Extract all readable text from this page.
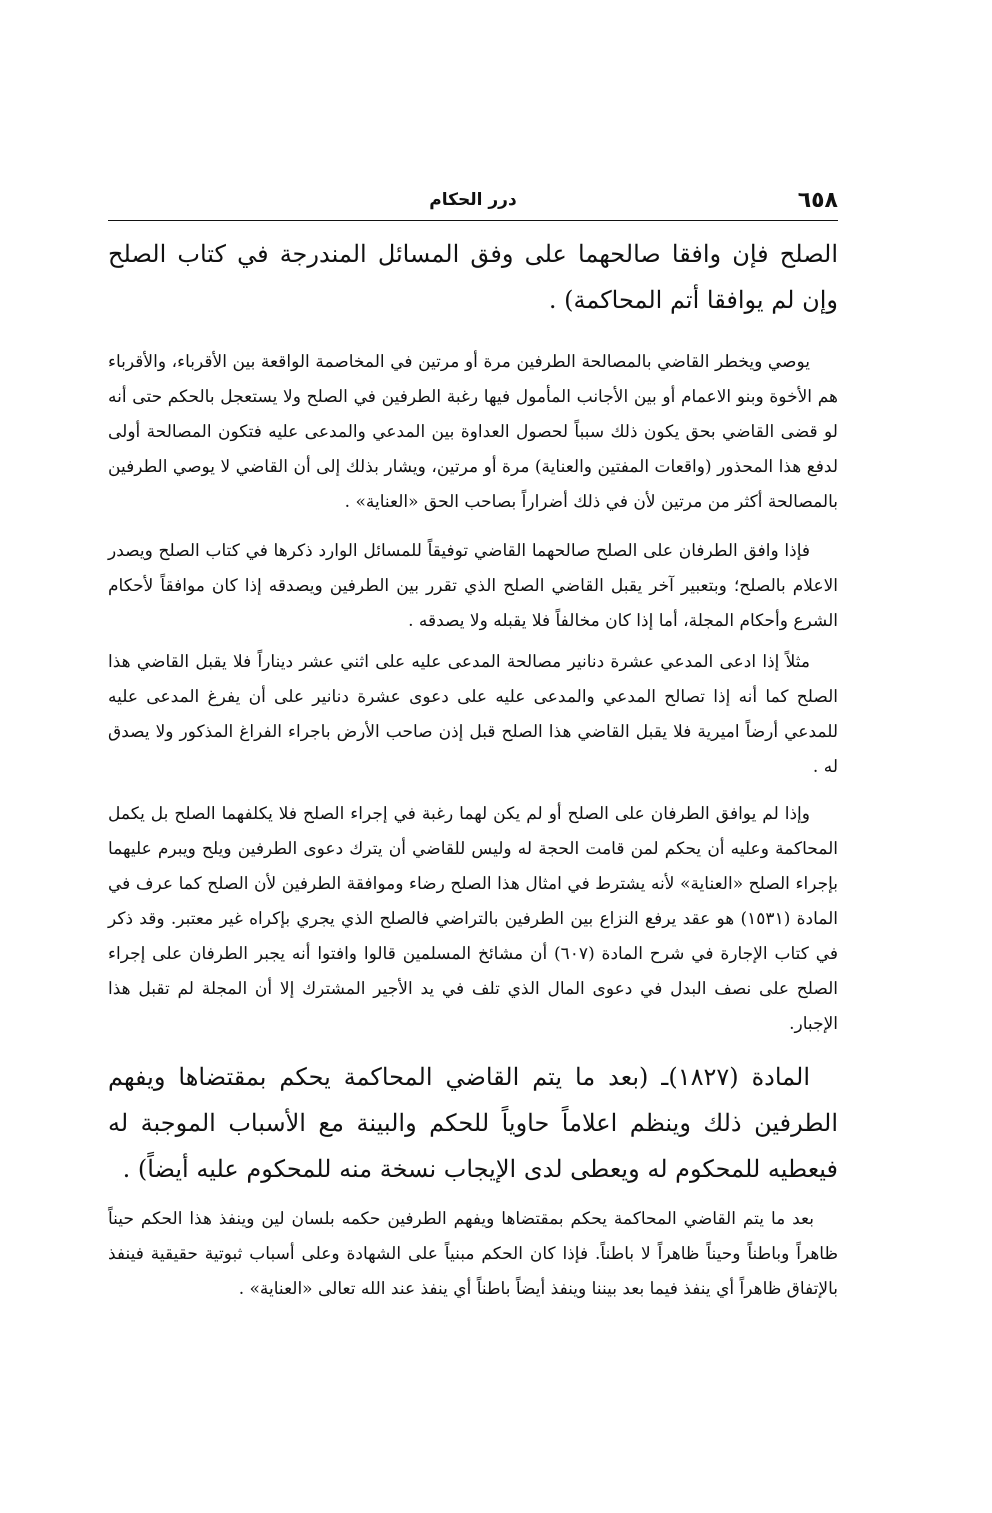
٦٥٨
درر الحكام

الصلح فإن وافقا صالحهما على وفق المسائل المندرجة في كتاب الصلح وإن لم يوافقا أتم المحاكمة) .

يوصي ويخطر القاضي بالمصالحة الطرفين مرة أو مرتين في المخاصمة الواقعة بين الأقرباء، والأقرباء هم الأخوة وبنو الاعمام أو بين الأجانب المأمول فيها رغبة الطرفين في الصلح ولا يستعجل بالحكم حتى أنه لو قضى القاضي بحق يكون ذلك سبباً لحصول العداوة بين المدعي والمدعى عليه فتكون المصالحة أولى لدفع هذا المحذور (واقعات المفتين والعناية) مرة أو مرتين، ويشار بذلك إلى أن القاضي لا يوصي الطرفين بالمصالحة أكثر من مرتين لأن في ذلك أضراراً بصاحب الحق «العناية» .

فإذا وافق الطرفان على الصلح صالحهما القاضي توفيقاً للمسائل الوارد ذكرها في كتاب الصلح ويصدر الاعلام بالصلح؛ وبتعبير آخر يقبل القاضي الصلح الذي تقرر بين الطرفين ويصدقه إذا كان موافقاً لأحكام الشرع وأحكام المجلة، أما إذا كان مخالفاً فلا يقبله ولا يصدقه .

مثلاً إذا ادعى المدعي عشرة دنانير مصالحة المدعى عليه على اثني عشر ديناراً فلا يقبل القاضي هذا الصلح كما أنه إذا تصالح المدعي والمدعى عليه على دعوى عشرة دنانير على أن يفرغ المدعى عليه للمدعي أرضاً اميرية فلا يقبل القاضي هذا الصلح قبل إذن صاحب الأرض باجراء الفراغ المذكور ولا يصدق له .

وإذا لم يوافق الطرفان على الصلح أو لم يكن لهما رغبة في إجراء الصلح فلا يكلفهما الصلح بل يكمل المحاكمة وعليه أن يحكم لمن قامت الحجة له وليس للقاضي أن يترك دعوى الطرفين ويلح ويبرم عليهما بإجراء الصلح «العناية» لأنه يشترط في امثال هذا الصلح رضاء وموافقة الطرفين لأن الصلح كما عرف في المادة (١٥٣١) هو عقد يرفع النزاع بين الطرفين بالتراضي فالصلح الذي يجري بإكراه غير معتبر. وقد ذكر في كتاب الإجارة في شرح المادة (٦٠٧) أن مشائخ المسلمين قالوا وافتوا أنه يجبر الطرفان على إجراء الصلح على نصف البدل في دعوى المال الذي تلف في يد الأجير المشترك إلا أن المجلة لم تقبل هذا الإجبار.

المادة (١٨٢٧)ـ (بعد ما يتم القاضي المحاكمة يحكم بمقتضاها ويفهم الطرفين ذلك وينظم اعلاماً حاوياً للحكم والبينة مع الأسباب الموجبة له فيعطيه للمحكوم له ويعطى لدى الإيجاب نسخة منه للمحكوم عليه أيضاً) .

بعد ما يتم القاضي المحاكمة يحكم بمقتضاها ويفهم الطرفين حكمه بلسان لين وينفذ هذا الحكم حيناً ظاهراً وباطناً وحيناً ظاهراً لا باطناً. فإذا كان الحكم مبنياً على الشهادة وعلى أسباب ثبوتية حقيقية فينفذ بالإتفاق ظاهراً أي ينفذ فيما بعد بيننا وينفذ أيضاً باطناً أي ينفذ عند الله تعالى «العناية» .
